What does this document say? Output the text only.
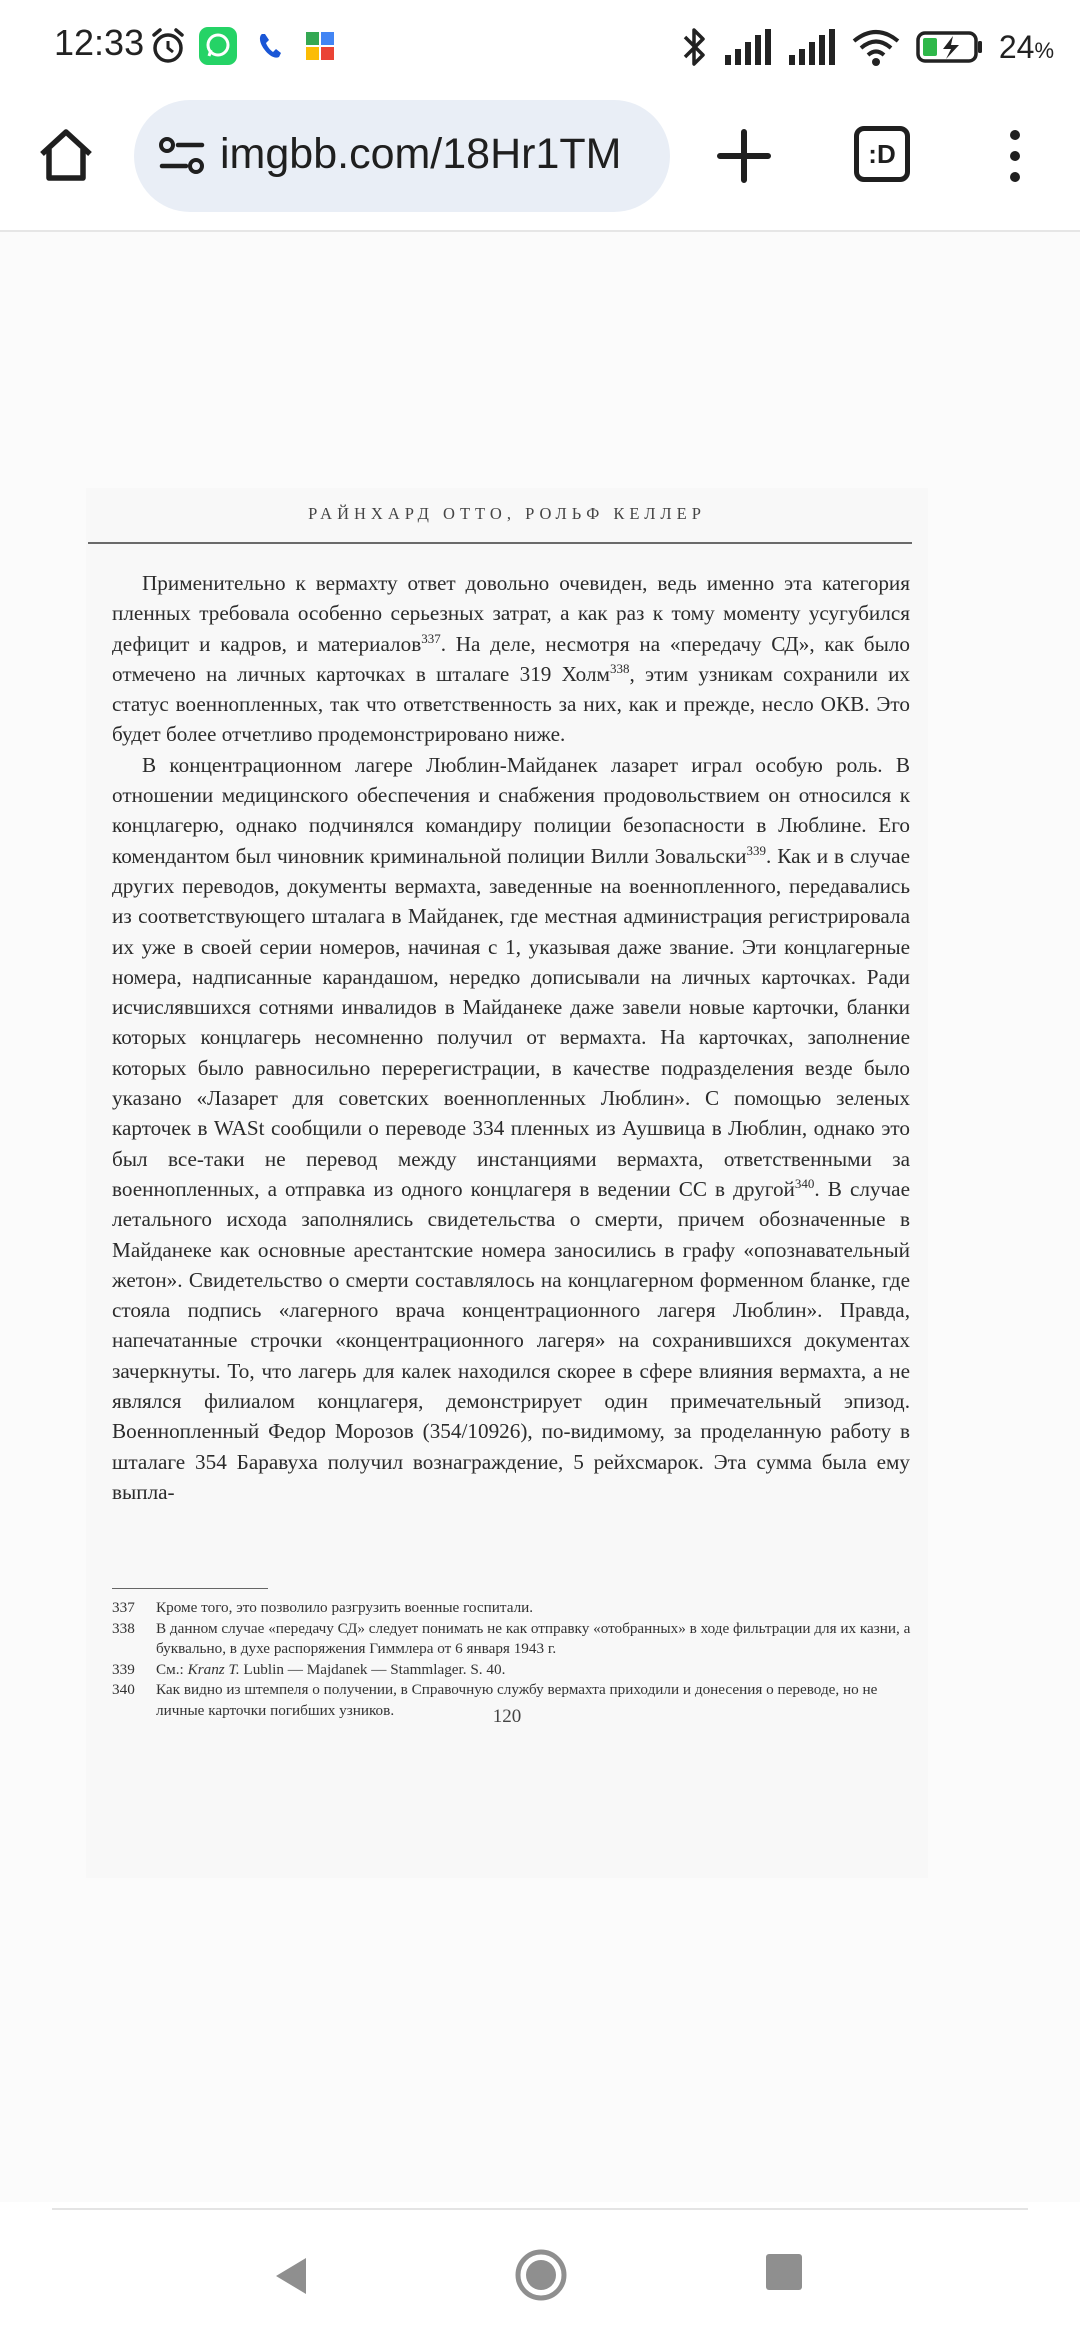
12:33	24%
imgbb.com/18Hr1TM	:D
РАЙНХАРД ОТТО, РОЛЬФ КЕЛЛЕР

Применительно к вермахту ответ довольно очевиден, ведь именно эта категория пленных требовала особенно серьезных затрат, а как раз к тому моменту усугубился дефицит и кадров, и материалов$^{337}$. На деле, несмотря на «передачу СД», как было отмечено на личных карточках в шталаге 319 Холм$^{338}$, этим узникам сохранили их статус военнопленных, так что ответственность за них, как и прежде, несло ОКВ. Это будет более отчетливо продемонстрировано ниже.

В концентрационном лагере Люблин-Майданек лазарет играл особую роль. В отношении медицинского обеспечения и снабжения продовольствием он относился к концлагерю, однако подчинялся командиру полиции безопасности в Люблине. Его комендантом был чиновник криминальной полиции Вилли Зовальски$^{339}$. Как и в случае других переводов, документы вермахта, заведенные на военнопленного, передавались из соответствующего шталага в Майданек, где местная администрация регистрировала их уже в своей серии номеров, начиная с 1, указывая даже звание. Эти концлагерные номера, надписанные карандашом, нередко дописывали на личных карточках. Ради исчислявшихся сотнями инвалидов в Майданеке даже завели новые карточки, бланки которых концлагерь несомненно получил от вермахта. На карточках, заполнение которых было равносильно перерегистрации, в качестве подразделения везде было указано «Лазарет для советских военнопленных Люблин». С помощью зеленых карточек в WASt сообщили о переводе 334 пленных из Аушвица в Люблин, однако это был все-таки не перевод между инстанциями вермахта, ответственными за военнопленных, а отправка из одного концлагеря в ведении СС в другой$^{340}$. В случае летального исхода заполнялись свидетельства о смерти, причем обозначенные в Майданеке как основные арестантские номера заносились в графу «опознавательный жетон». Свидетельство о смерти составлялось на концлагерном форменном бланке, где стояла подпись «лагерного врача концентрационного лагеря Люблин». Правда, напечатанные строчки «концентрационного лагеря» на сохранившихся документах зачеркнуты. То, что лагерь для калек находился скорее в сфере влияния вермахта, а не являлся филиалом концлагеря, демонстрирует один примечательный эпизод. Военнопленный Федор Морозов (354/10926), по-видимому, за проделанную работу в шталаге 354 Баравуха получил вознаграждение, 5 рейхсмарок. Эта сумма была ему выпла-

337	Кроме того, это позволило разгрузить военные госпитали.
338	В данном случае «передачу СД» следует понимать не как отправку «отобранных» в ходе фильтрации для их казни, а буквально, в духе распоряжения Гиммлера от 6 января 1943 г.
339	См.: Kranz T. Lublin — Majdanek — Stammlager. S. 40.
340	Как видно из штемпеля о получении, в Справочную службу вермахта приходили и донесения о переводе, но не личные карточки погибших узников.	120
